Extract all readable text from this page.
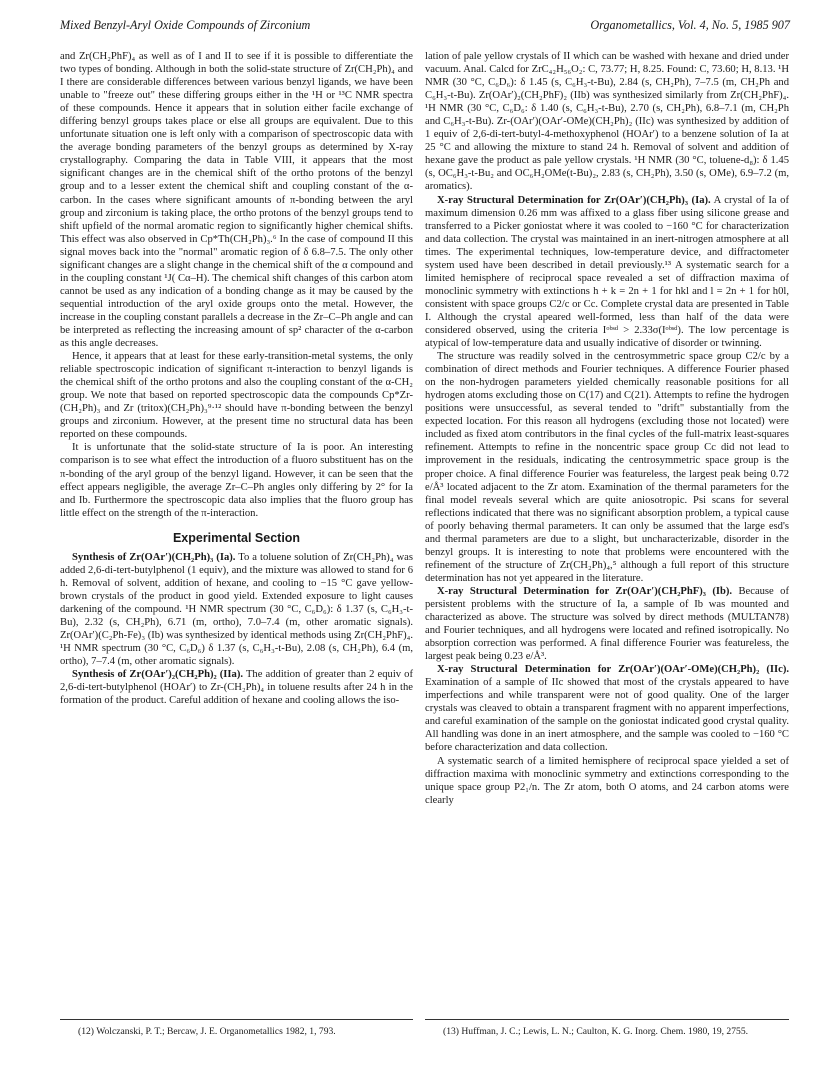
Mixed Benzyl-Aryl Oxide Compounds of Zirconium	Organometallics, Vol. 4, No. 5, 1985 907

and Zr(CH₂PhF)₄ as well as of I and II to see if it is possible to differentiate the two types of bonding. Although in both the solid-state structure of Zr(CH₂Ph)₄ and I there are considerable differences between various benzyl ligands, we have been unable to "freeze out" these differing groups either in the ¹H or ¹³C NMR spectra of these compounds. Hence it appears that in solution either facile exchange of differing benzyl groups takes place or else all groups are equivalent. Due to this unfortunate situation one is left only with a comparison of spectroscopic data with the average bonding parameters of the benzyl groups as determined by X-ray crystallography. Comparing the data in Table VIII, it appears that the most significant changes are in the chemical shift of the ortho protons of the benzyl group and to a lesser extent the chemical shift and coupling constant of the α-carbon. In the cases where significant amounts of π-bonding between the aryl group and zirconium is taking place, the ortho protons of the benzyl groups tend to shift upfield of the normal aromatic region to significantly higher chemical shifts. This effect was also observed in Cp*Th(CH₂Ph)₃.⁶ In the case of compound II this signal moves back into the "normal" aromatic region of δ 6.8–7.5. The only other significant changes are a slight change in the chemical shift of the α compound and in the coupling constant ¹J( Cα–H). The chemical shift changes of this carbon atom cannot be used as any indication of a bonding change as it may be caused by the sequential introduction of the aryl oxide groups onto the metal. However, the increase in the coupling constant parallels a decrease in the Zr–C–Ph angle and can be interpreted as reflecting the increasing amount of sp² character of the α-carbon as this angle decreases.

Hence, it appears that at least for these early-transition-metal systems, the only reliable spectroscopic indication of significant π-interaction to benzyl ligands is the chemical shift of the ortho protons and also the coupling constant of the α-CH₂ group. We note that based on reported spectroscopic data the compounds Cp*Zr-(CH₂Ph)₃ and Zr (tritox)(CH₂Ph)₃⁹·¹² should have π-bonding between the benzyl groups and zirconium. However, at the present time no structural data has been reported on these compounds.

It is unfortunate that the solid-state structure of Ia is poor. An interesting comparison is to see what effect the introduction of a fluoro substituent has on the π-bonding of the aryl group of the benzyl ligand. However, it can be seen that the effect appears negligible, the average Zr–C–Ph angles only differing by 2° for Ia and Ib. Furthermore the spectroscopic data also implies that the fluoro group has little effect on the strength of the π-interaction.

Experimental Section

Synthesis of Zr(OAr′)(CH₂Ph)₃ (Ia). To a toluene solution of Zr(CH₂Ph)₄ was added 2,6-di-tert-butylphenol (1 equiv), and the mixture was allowed to stand for 6 h. Removal of solvent, addition of hexane, and cooling to −15 °C gave yellow-brown crystals of the product in good yield. Extended exposure to light causes darkening of the compound. ¹H NMR spectrum (30 °C, C₆D₆): δ 1.37 (s, C₆H₃-t-Bu), 2.32 (s, CH₂Ph), 6.71 (m, ortho), 7.0–7.4 (m, other aromatic signals). Zr(OAr′)(C₂Ph-Fe)₃ (Ib) was synthesized by identical methods using Zr(CH₂PhF)₄. ¹H NMR spectrum (30 °C, C₆D₆) δ 1.37 (s, C₆H₃-t-Bu), 2.08 (s, CH₂Ph), 6.4 (m, ortho), 7–7.4 (m, other aromatic signals).

Synthesis of Zr(OAr′)₂(CH₂Ph)₂ (IIa). The addition of greater than 2 equiv of 2,6-di-tert-butylphenol (HOAr′) to Zr-(CH₂Ph)₄ in toluene results after 24 h in the formation of the product. Careful addition of hexane and cooling allows the iso-

lation of pale yellow crystals of II which can be washed with hexane and dried under vacuum. Anal. Calcd for ZrC₄₂H₅₆O₂: C, 73.77; H, 8.25. Found: C, 73.60; H, 8.13. ¹H NMR (30 °C, C₆D₆): δ 1.45 (s, C₆H₃-t-Bu), 2.84 (s, CH₂Ph), 7–7.5 (m, CH₂Ph and C₆H₃-t-Bu). Zr(OAr′)₂(CH₂PhF)₂ (IIb) was synthesized similarly from Zr(CH₂PhF)₄. ¹H NMR (30 °C, C₆D₆: δ 1.40 (s, C₆H₃-t-Bu), 2.70 (s, CH₂Ph), 6.8–7.1 (m, CH₂Ph and C₆H₃-t-Bu). Zr-(OAr′)(OAr′-OMe)(CH₂Ph)₂ (IIc) was synthesized by addition of 1 equiv of 2,6-di-tert-butyl-4-methoxyphenol (HOAr′) to a benzene solution of Ia at 25 °C and allowing the mixture to stand 24 h. Removal of solvent and addition of hexane gave the product as pale yellow crystals. ¹H NMR (30 °C, toluene-d₈): δ 1.45 (s, OC₆H₃-t-Bu₂ and OC₆H₂OMe(t-Bu)₂, 2.83 (s, CH₂Ph), 3.50 (s, OMe), 6.9–7.2 (m, aromatics).

X-ray Structural Determination for Zr(OAr′)(CH₂Ph)₃ (Ia). A crystal of Ia of maximum dimension 0.26 mm was affixed to a glass fiber using silicone grease and transferred to a Picker goniostat where it was cooled to −160 °C for characterization and data collection. The crystal was maintained in an inert-nitrogen atmosphere at all times. The experimental techniques, low-temperature device, and diffractometer system used have been described in detail previously.¹³ A systematic search for a limited hemisphere of reciprocal space revealed a set of diffraction maxima of monoclinic symmetry with extinctions h + k = 2n + 1 for hkl and l = 2n + 1 for h0l, consistent with space groups C2/c or Cc. Complete crystal data are presented in Table I. Although the crystal apeared well-formed, less than half of the data were considered observed, using the criteria Iᵒᵇˢᵈ > 2.33σ(Iᵒᵇˢᵈ). The low percentage is atypical of low-temperature data and usually indicative of disorder or twinning.

The structure was readily solved in the centrosymmetric space group C2/c by a combination of direct methods and Fourier techniques. A difference Fourier phased on the non-hydrogen parameters yielded chemically reasonable positions for all hydrogen atoms excluding those on C(17) and C(21). Attempts to refine the hydrogen positions were unsuccessful, as several tended to "drift" substantially from the expected location. For this reason all hydrogens (excluding those not located) were included as fixed atom contributors in the final cycles of the full-matrix least-squares refinement. Attempts to refine in the noncentric space group Cc did not lead to improvement in the residuals, indicating the centrosymmetric space group is the proper choice. A final difference Fourier was featureless, the largest peak being 0.72 e/Å³ located adjacent to the Zr atom. Examination of the thermal parameters for the final model reveals several which are quite aniosotropic. Psi scans for several reflections indicated that there was no significant absorption problem, a typical cause of poorly behaving thermal parameters. It can only be assumed that the large esd's and thermal parameters are due to a slight, but uncharacterizable, disorder in the benzyl groups. It is interesting to note that problems were encountered with the refinement of the structure of Zr(CH₂Ph)₄,⁵ although a full report of this structure determination has not yet appeared in the literature.

X-ray Structural Determination for Zr(OAr′)(CH₂PhF)₃ (Ib). Because of persistent problems with the structure of Ia, a sample of Ib was mounted and characterized as above. The structure was solved by direct methods (MULTAN78) and Fourier techniques, and all hydrogens were located and refined isotropically. No absorption correction was performed. A final difference Fourier was featureless, the largest peak being 0.23 e/Å³.

X-ray Structural Determination for Zr(OAr′)(OAr′-OMe)(CH₂Ph)₂ (IIc). Examination of a sample of IIc showed that most of the crystals appeared to have imperfections and while transparent were not of good quality. One of the larger crystals was cleaved to obtain a transparent fragment with no apparent imperfections, and careful examination of the sample on the goniostat indicated good crystal quality. All handling was done in an inert atmosphere, and the sample was cooled to −160 °C before characterization and data collection.

A systematic search of a limited hemisphere of reciprocal space yielded a set of diffraction maxima with monoclinic symmetry and extinctions corresponding to the unique space group P2₁/n. The Zr atom, both O atoms, and 24 carbon atoms were clearly

(12) Wolczanski, P. T.; Bercaw, J. E. Organometallics 1982, 1, 793.	(13) Huffman, J. C.; Lewis, L. N.; Caulton, K. G. Inorg. Chem. 1980, 19, 2755.
